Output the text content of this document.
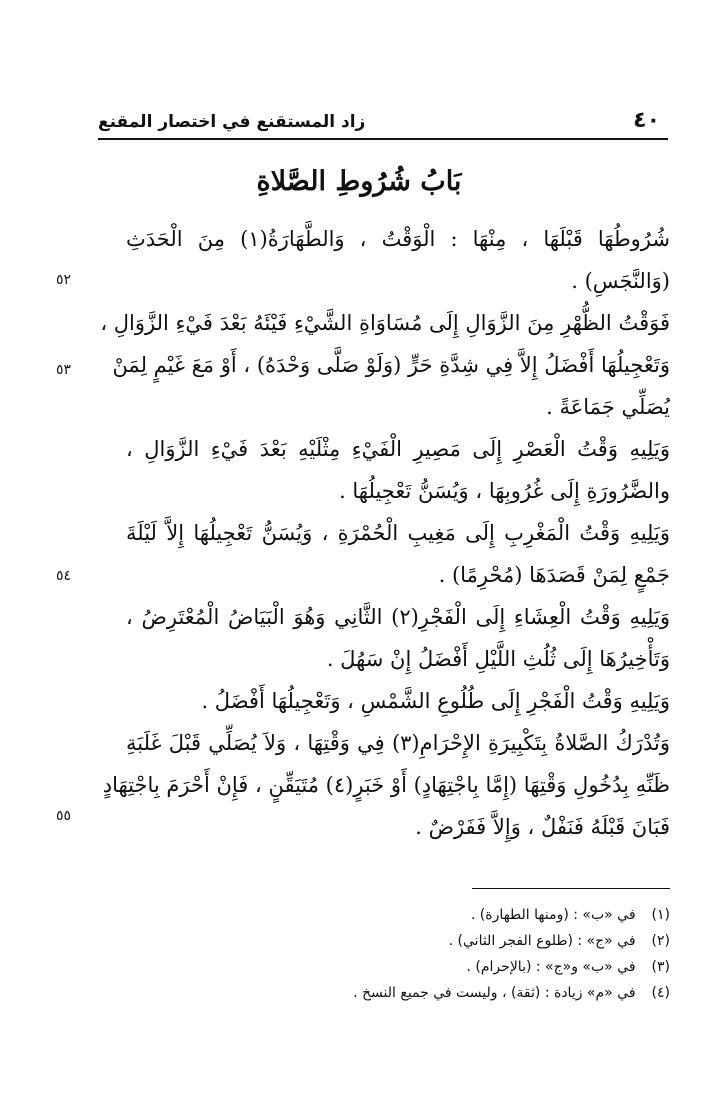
٤٠
زاد المستقنع في اختصار المقنع
بَابُ شُرُوطِ الصَّلاةِ
شُرُوطُهَا قَبْلَهَا ، مِنْهَا : الْوَقْتُ ، وَالطَّهَارَةُ(١) مِنَ الْحَدَثِ
(وَالنَّجَسِ) .
فَوَقْتُ الظُّهْرِ مِنَ الزَّوَالِ إِلَى مُسَاوَاةِ الشَّيْءِ فَيْئَهُ بَعْدَ فَيْءِ الزَّوَالِ ،
وَتَعْجِيلُهَا أَفْضَلُ إِلاَّ فِي شِدَّةِ حَرٍّ (وَلَوْ صَلَّى وَحْدَهُ) ، أَوْ مَعَ غَيْمٍ لِمَنْ
يُصَلِّي جَمَاعَةً .
وَيَلِيهِ وَقْتُ الْعَصْرِ إِلَى مَصِيرِ الْفَيْءِ مِثْلَيْهِ بَعْدَ فَيْءِ الزَّوَالِ ،
والضَّرُورَةِ إِلَى غُرُوبِهَا ، وَيُسَنُّ تَعْجِيلُهَا .
وَيَلِيهِ وَقْتُ الْمَغْرِبِ إِلَى مَغِيبِ الْحُمْرَةِ ، وَيُسَنُّ تَعْجِيلُهَا إِلاَّ لَيْلَةَ
جَمْعٍ لِمَنْ قَصَدَهَا (مُحْرِمًا) .
وَيَلِيهِ وَقْتُ الْعِشَاءِ إِلَى الْفَجْرِ(٢) الثَّانِي وَهُوَ الْبَيَاضُ الْمُعْتَرِضُ ،
وَتَأْخِيرُهَا إِلَى ثُلُثِ اللَّيْلِ أَفْضَلُ إِنْ سَهُلَ .
وَيَلِيهِ وَقْتُ الْفَجْرِ إِلَى طُلُوعِ الشَّمْسِ ، وَتَعْجِيلُهَا أَفْضَلُ .
وَتُدْرَكُ الصَّلاةُ بِتَكْبِيرَةِ الإِحْرَامِ(٣) فِي وَقْتِهَا ، وَلاَ يُصَلِّي قَبْلَ غَلَبَةِ
ظَنِّهِ بِدُخُولِ وَقْتِهَا (إِمَّا بِاجْتِهَادٍ) أَوْ خَبَرٍ(٤) مُتَيَقِّنٍ ، فَإِنْ أَحْرَمَ بِاجْتِهَادٍ
فَبَانَ قَبْلَهُ فَنَفْلٌ ، وَإِلاَّ فَفَرْضٌ .
٥٢
٥٣
٥٤
٥٥
(١) في «ب» : (ومنها الطهارة) .
(٢) في «ج» : (طلوع الفجر الثاني) .
(٣) في «ب» و«ج» : (بالإحرام) .
(٤) في «م» زيادة : (ثقة) ، وليست في جميع النسخ .
